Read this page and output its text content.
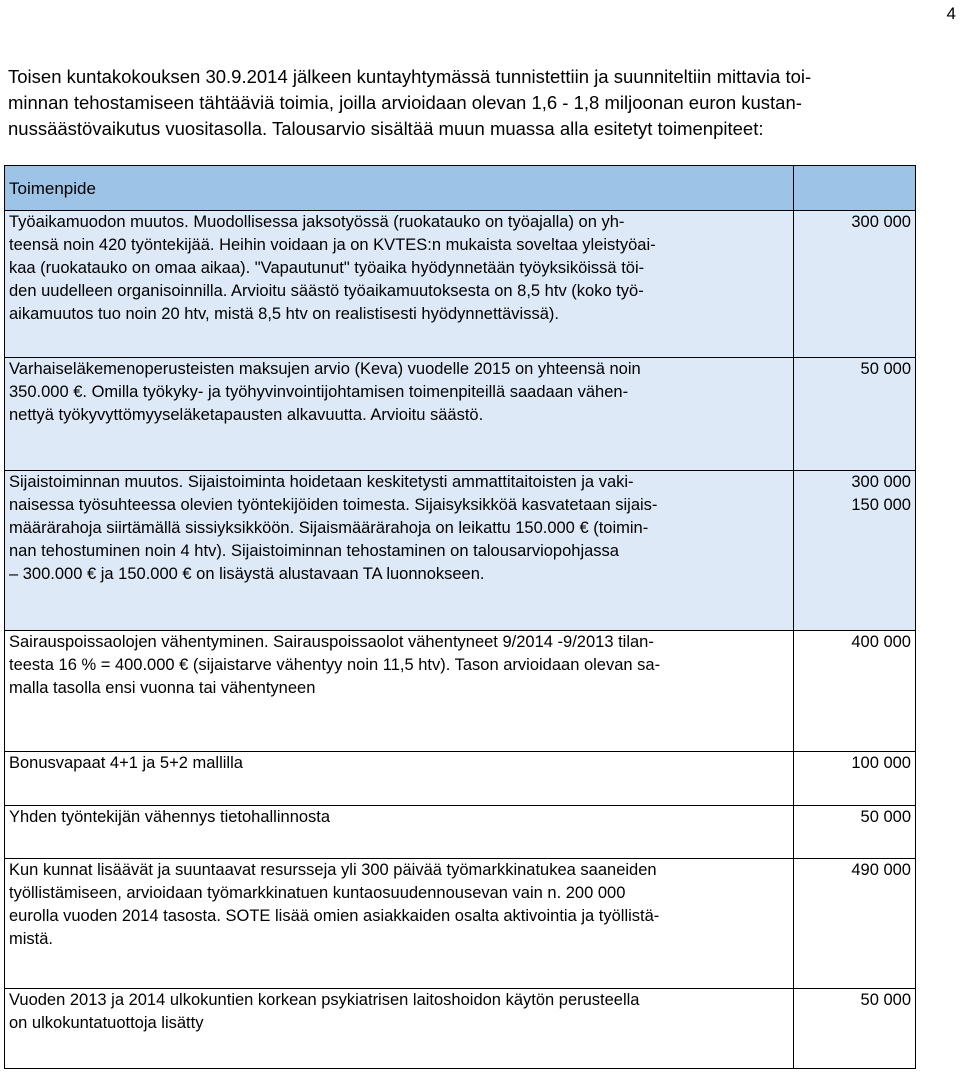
4

Toisen kuntakokouksen 30.9.2014 jälkeen kuntayhtymässä tunnistettiin ja suunniteltiin mittavia toi-
minnan tehostamiseen tähtääviä toimia, joilla arvioidaan olevan 1,6 - 1,8 miljoonan euron kustan-
nussäästövaikutus vuositasolla. Talousarvio sisältää muun muassa alla esitetyt toimenpiteet:

Toimenpide	

Työaikamuodon muutos. Muodollisessa jaksotyössä (ruokatauko on työajalla) on yh-
teensä noin 420 työntekijää. Heihin voidaan ja on KVTES:n mukaista soveltaa yleistyöai-
kaa (ruokatauko on omaa aikaa). "Vapautunut" työaika hyödynnetään työyksiköissä töi-
den uudelleen organisoinnilla. Arvioitu säästö työaikamuutoksesta on 8,5 htv (koko työ-
aikamuutos tuo noin 20 htv, mistä 8,5 htv on realistisesti hyödynnettävissä).	300 000

Varhaiseläkemenoperusteisten maksujen arvio (Keva) vuodelle 2015 on yhteensä noin
350.000 €. Omilla työkyky- ja työhyvinvointijohtamisen toimenpiteillä saadaan vähen-
nettyä työkyvyttömyyseläketapausten alkavuutta. Arvioitu säästö.	50 000

Sijaistoiminnan muutos. Sijaistoiminta hoidetaan keskitetysti ammattitaitoisten ja vaki-
naisessa työsuhteessa olevien työntekijöiden toimesta. Sijaisyksikköä kasvatetaan sijais-
määrärahoja siirtämällä sissiyksikköön. Sijaismäärärahoja on leikattu 150.000 € (toimin-
nan tehostuminen noin 4 htv). Sijaistoiminnan tehostaminen on talousarviopohjassa
– 300.000 € ja 150.000 € on lisäystä alustavaan TA luonnokseen.	300 000
150 000

Sairauspoissaolojen vähentyminen. Sairauspoissaolot vähentyneet 9/2014 -9/2013 tilan-
teesta 16 % = 400.000 € (sijaistarve vähentyy noin 11,5 htv). Tason arvioidaan olevan sa-
malla tasolla ensi vuonna tai vähentyneen	400 000

Bonusvapaat 4+1 ja 5+2 mallilla	100 000

Yhden työntekijän vähennys tietohallinnosta	50 000

Kun kunnat lisäävät ja suuntaavat resursseja yli 300 päivää työmarkkinatukea saaneiden
työllistämiseen, arvioidaan työmarkkinatuen kuntaosuudennousevan vain n. 200 000
eurolla vuoden 2014 tasosta. SOTE lisää omien asiakkaiden osalta aktivointia ja työllistä-
mistä.	490 000

Vuoden 2013 ja 2014 ulkokuntien korkean psykiatrisen laitoshoidon käytön perusteella
on ulkokuntatuottoja lisätty	50 000
